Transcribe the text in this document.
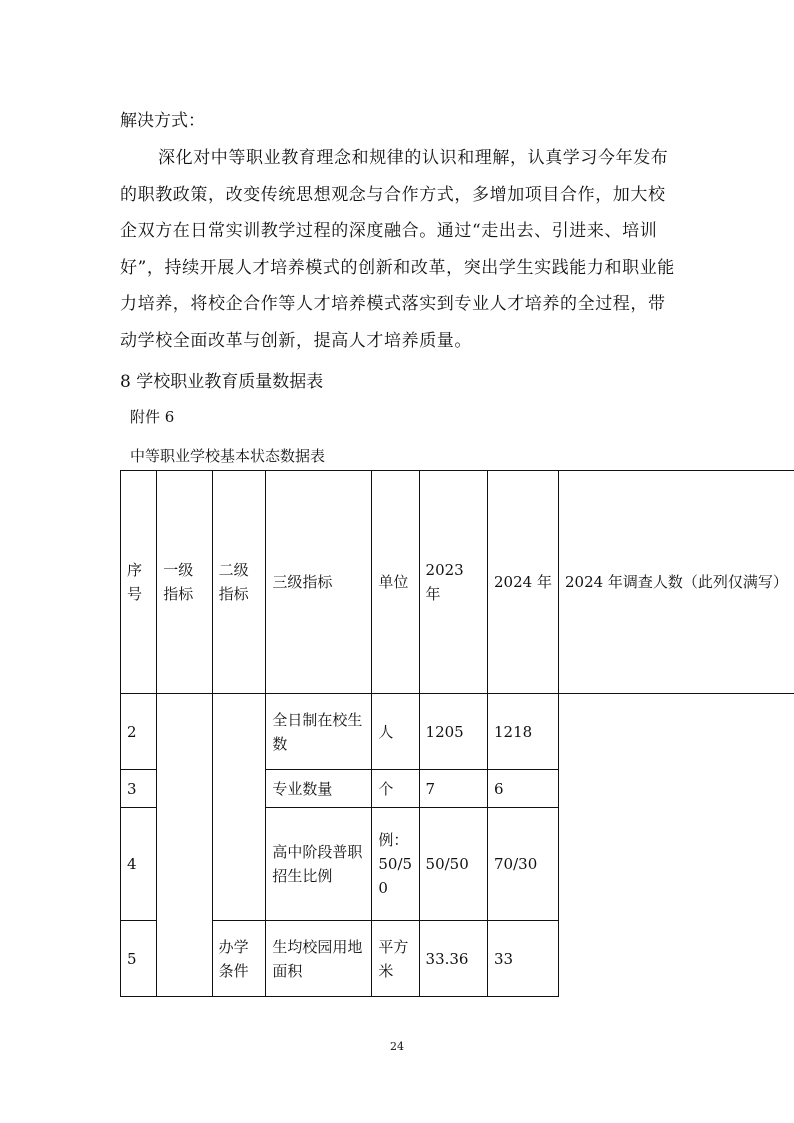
解决方式：

深化对中等职业教育理念和规律的认识和理解，认真学习今年发布的职教政策，改变传统思想观念与合作方式，多增加项目合作，加大校企双方在日常实训教学过程的深度融合。通过“走出去、引进来、培训好”，持续开展人才培养模式的创新和改革，突出学生实践能力和职业能力培养，将校企合作等人才培养模式落实到专业人才培养的全过程，带动学校全面改革与创新，提高人才培养质量。

8 学校职业教育质量数据表

附件 6

中等职业学校基本状态数据表

序号	一级指标	二级指标	三级指标	单位	2023 年	2024 年	2024 年调查人数（此列仅满写）
2			全日制在校生数	人	1205	1218	
3			专业数量	个	7	6	
4			高中阶段普职招生比例	例：50/50	50/50	70/30	
5		办学条件	生均校园用地面积	平方米	33.36	33	

24
